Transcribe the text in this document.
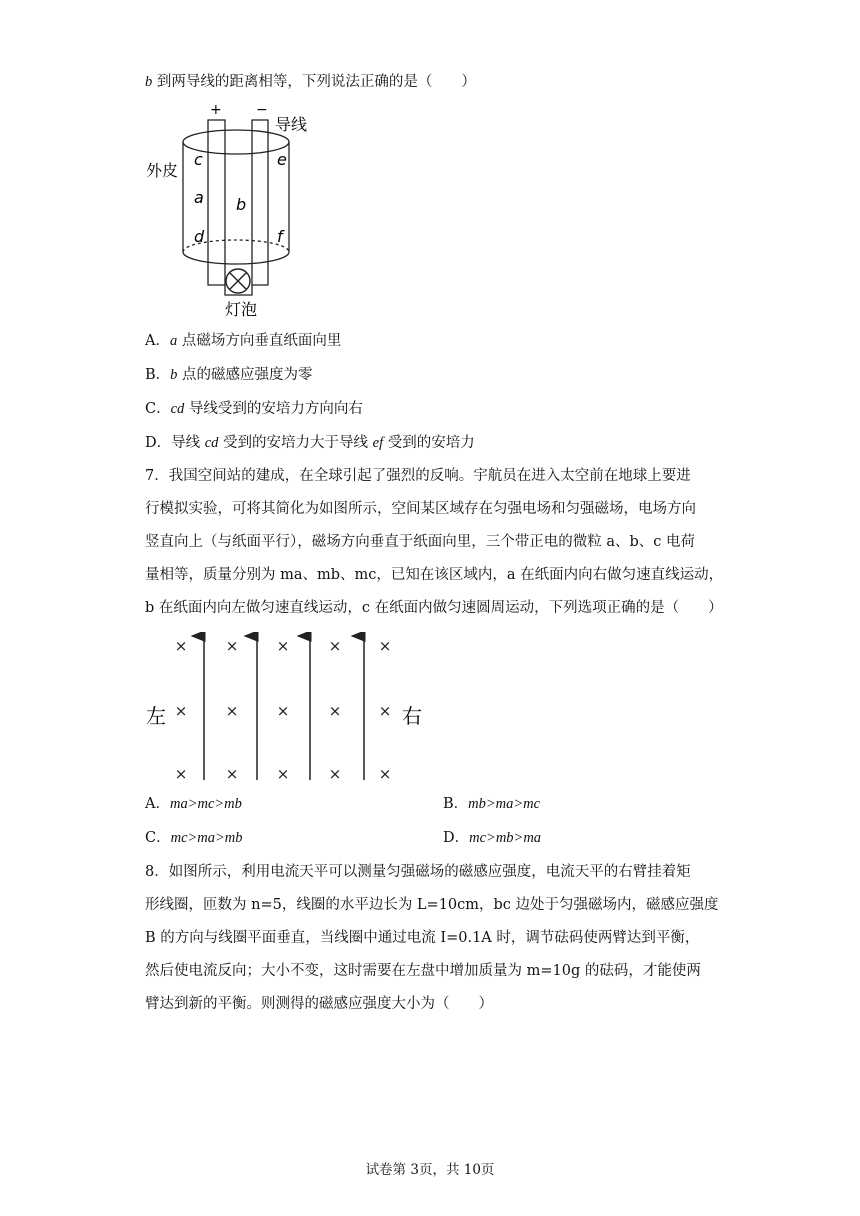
b 到两导线的距离相等，下列说法正确的是（　　）

+ −
导线
外皮
灯泡
c
a
d
b
e
f

A．a 点磁场方向垂直纸面向里

B．b 点的磁感应强度为零

C．cd 导线受到的安培力方向向右

D．导线 cd 受到的安培力大于导线 ef 受到的安培力

7．我国空间站的建成，在全球引起了强烈的反响。宇航员在进入太空前在地球上要进

行模拟实验，可将其简化为如图所示，空间某区域存在匀强电场和匀强磁场，电场方向

竖直向上（与纸面平行），磁场方向垂直于纸面向里，三个带正电的微粒 a、b、c 电荷

量相等，质量分别为 ma、mb、mc，已知在该区域内，a 在纸面内向右做匀速直线运动，

b 在纸面内向左做匀速直线运动，c 在纸面内做匀速圆周运动，下列选项正确的是（　　）

×	×	×	× ×
×	×	×	× ×
×	×	×	× ×
左	右

A．ma>mc>mb	B．mb>ma>mc

C．mc>ma>mb	D．mc>mb>ma

8．如图所示，利用电流天平可以测量匀强磁场的磁感应强度，电流天平的右臂挂着矩

形线圈，匝数为 n=5，线圈的水平边长为 L=10cm，bc 边处于匀强磁场内，磁感应强度

B 的方向与线圈平面垂直，当线圈中通过电流 I=0.1A 时，调节砝码使两臂达到平衡，

然后使电流反向；大小不变，这时需要在左盘中增加质量为 m=10g 的砝码，才能使两

臂达到新的平衡。则测得的磁感应强度大小为（　　）

试卷第 3页，共 10页
